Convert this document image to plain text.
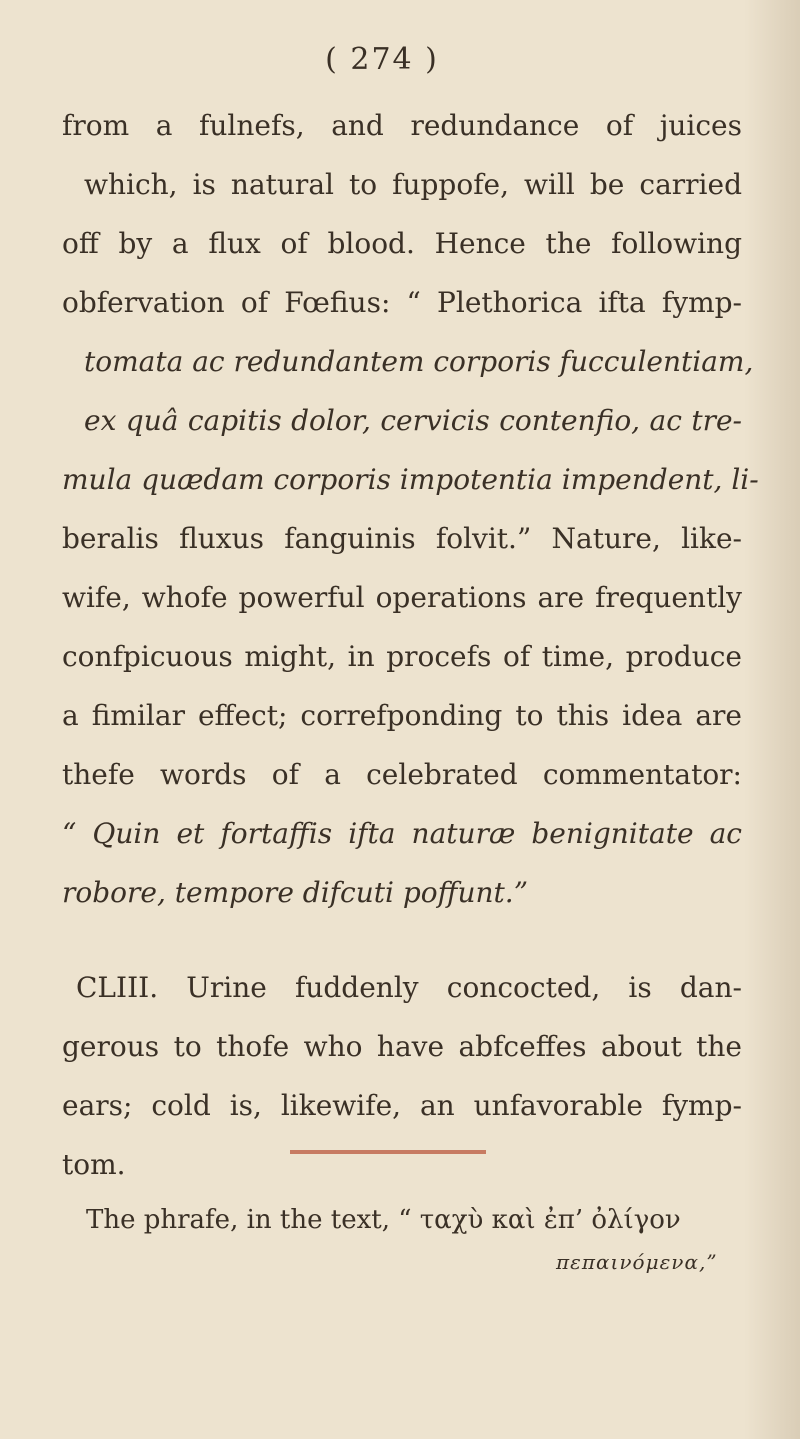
( 274 )
from a fulnefs, and redundance of juices
which, is natural to fuppofe, will be carried
off by a flux of blood. Hence the following
obfervation of Fœfius: “ Plethorica ifta fymp-
tomata ac redundantem corporis fucculentiam,
ex quâ capitis dolor, cervicis contenfio, ac tre-
mula quædam corporis impotentia impendent, li-
beralis fluxus fanguinis folvit.” Nature, like-
wife, whofe powerful operations are frequently
confpicuous might, in procefs of time, produce
a fimilar effect; correfponding to this idea are
thefe words of a celebrated commentator:
“ Quin et fortaffis ifta naturæ benignitate ac
robore, tempore difcuti poffunt.”
CLIII. Urine fuddenly concocted, is dan-
gerous to thofe who have abfceffes about the
ears; cold is, likewife, an unfavorable fymp-
tom.
The phrafe, in the text, “ ταχὺ καὶ ἐπ’ ὀλίγον
πεπαινόμενα,”
